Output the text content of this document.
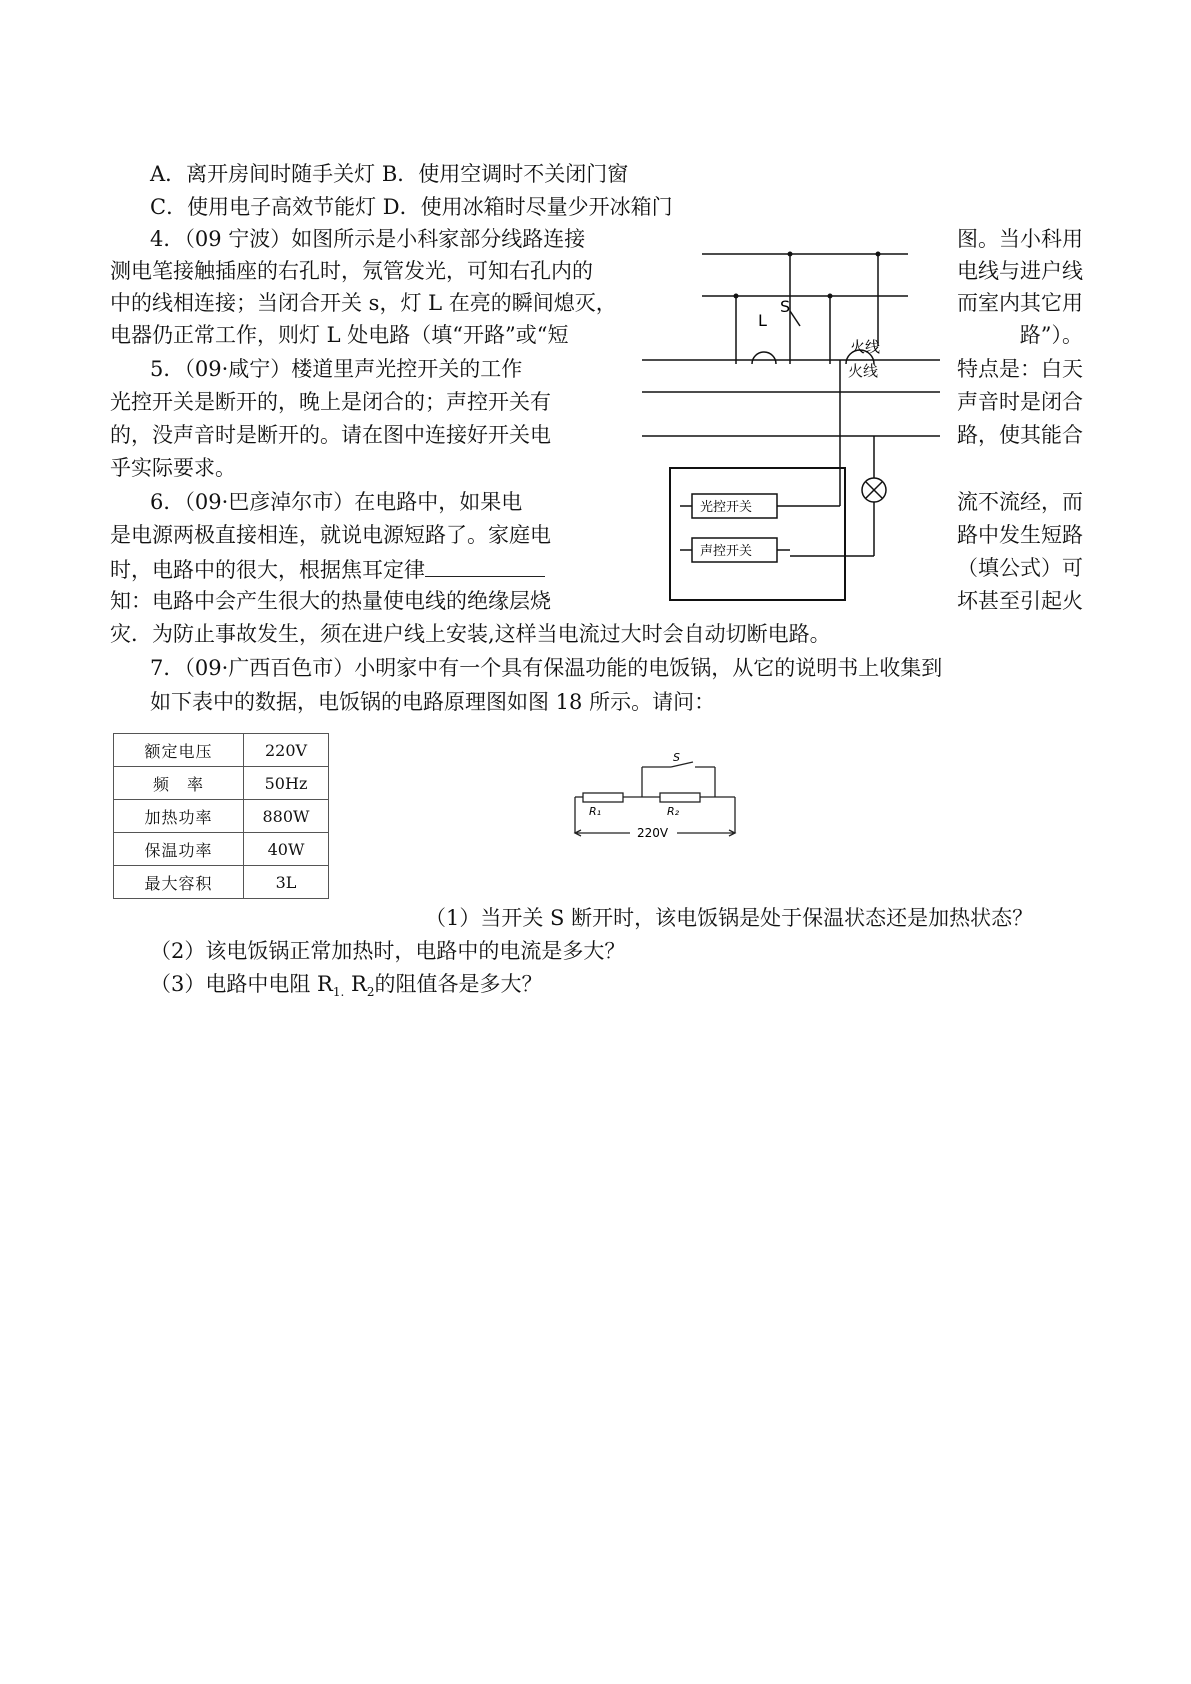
A．离开房间时随手关灯 B．使用空调时不关闭门窗
C．使用电子高效节能灯 D．使用冰箱时尽量少开冰箱门
4．（09 宁波）如图所示是小科家部分线路连接	图。当小科用
测电笔接触插座的右孔时，氖管发光，可知右孔内的	电线与进户线
中的线相连接；当闭合开关 s，灯 L 在亮的瞬间熄灭，	而室内其它用
电器仍正常工作，则灯 L 处电路（填“开路”或“短	路”）。
5．（09·咸宁）楼道里声光控开关的工作	特点是：白天
光控开关是断开的，晚上是闭合的；声控开关有	声音时是闭合
的，没声音时是断开的。请在图中连接好开关电	路，使其能合
乎实际要求。
6．（09·巴彦淖尔市）在电路中，如果电	流不流经，而
是电源两极直接相连，就说电源短路了。家庭电	路中发生短路
时，电路中的很大，根据焦耳定律	（填公式）可
知：电路中会产生很大的热量使电线的绝缘层烧	坏甚至引起火
灾．为防止事故发生，须在进户线上安装,这样当电流过大时会自动切断电路。
7．（09·广西百色市）小明家中有一个具有保温功能的电饭锅，从它的说明书上收集到
如下表中的数据，电饭锅的电路原理图如图 18 所示。请问：
L
S
火线
光控开关
声控开关
火线
额定电压	220V
频　率	50Hz
加热功率	880W
保温功率	40W
最大容积	3L
S
R₁	R₂
220V
（1）当开关 S 断开时，该电饭锅是处于保温状态还是加热状态？
（2）该电饭锅正常加热时，电路中的电流是多大？
（3）电路中电阻 $R_{1.}$ $R_2$的阻值各是多大？
